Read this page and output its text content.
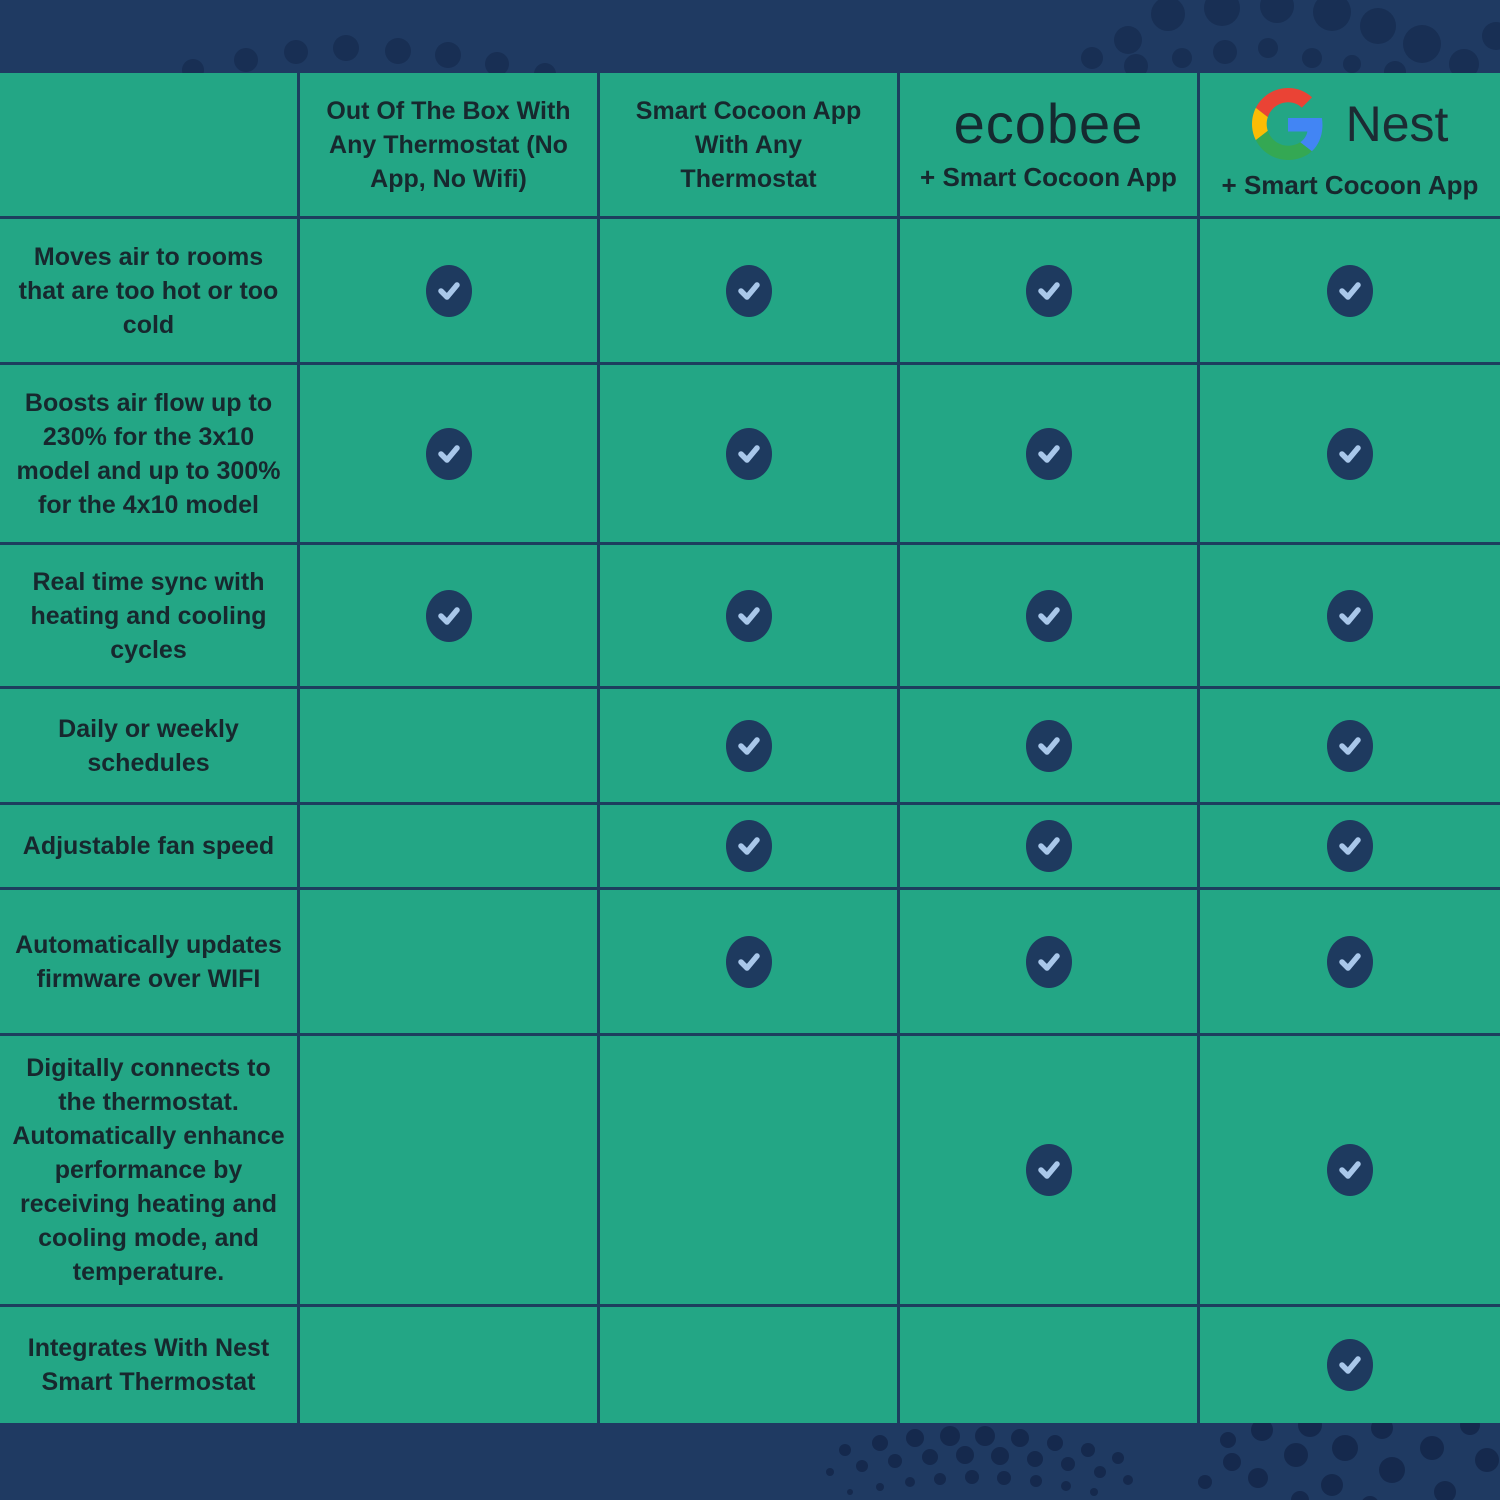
Out Of The Box With Any Thermostat (No App, No Wifi)
Smart Cocoon App With Any Thermostat
ecobee
+ Smart Cocoon App
Nest
+ Smart Cocoon App
Moves air to rooms that are too hot or too cold
Boosts air flow up to 230% for the 3x10 model and up to 300% for the 4x10 model
Real time sync with heating and cooling cycles
Daily or weekly schedules
Adjustable fan speed
Automatically updates firmware over WIFI
Digitally connects to the thermostat. Automatically enhance performance by receiving heating and cooling mode, and temperature.
Integrates With Nest Smart Thermostat
